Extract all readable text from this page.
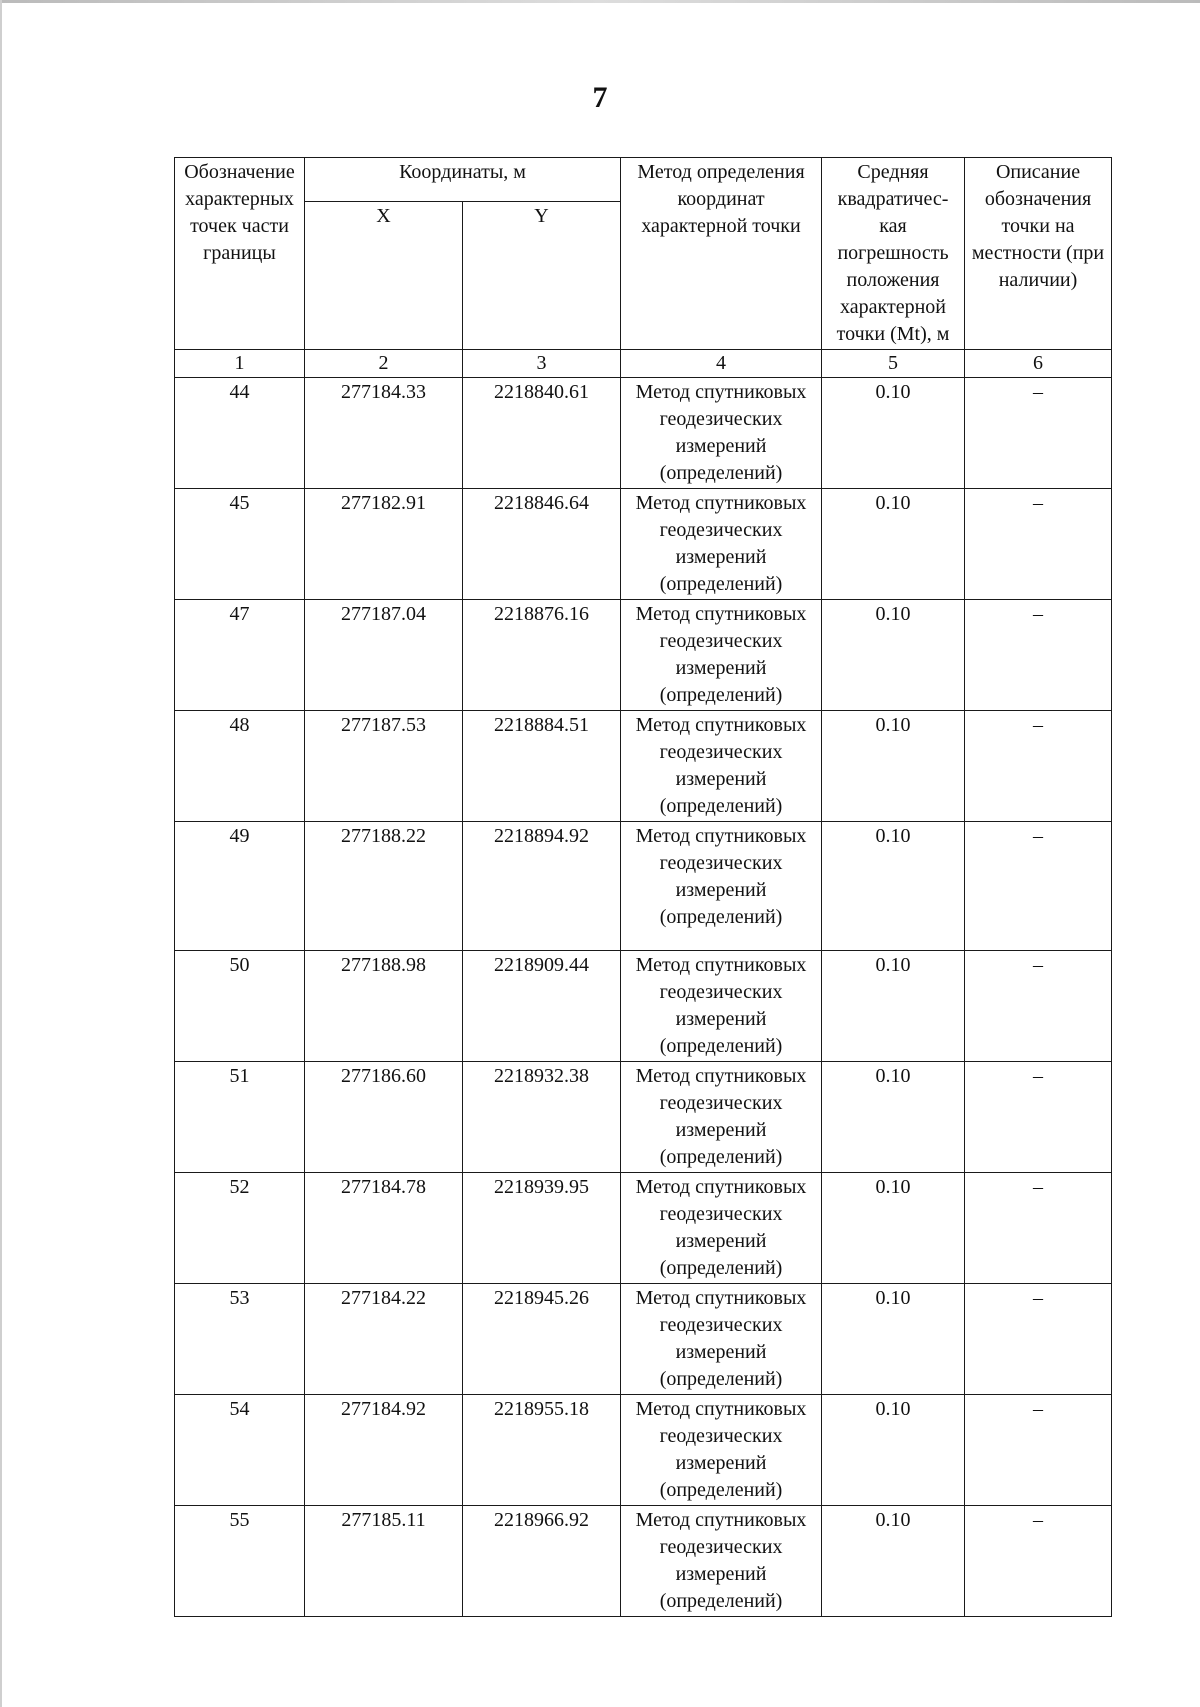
7
Обозначение характерных точек части границы	Координаты, м		Метод определения координат характерной точки	Средняя квадратичес-кая погрешность положения характерной точки (Mt), м	Описание обозначения точки на местности (при наличии)
	X	Y			
1	2	3	4	5	6
44	277184.33	2218840.61	Метод спутниковых
геодезических
измерений
(определений)	0.10	–
45	277182.91	2218846.64	Метод спутниковых
геодезических
измерений
(определений)	0.10	–
47	277187.04	2218876.16	Метод спутниковых
геодезических
измерений
(определений)	0.10	–
48	277187.53	2218884.51	Метод спутниковых
геодезических
измерений
(определений)	0.10	–
49	277188.22	2218894.92	Метод спутниковых
геодезических
измерений
(определений)	0.10	–
50	277188.98	2218909.44	Метод спутниковых
геодезических
измерений
(определений)	0.10	–
51	277186.60	2218932.38	Метод спутниковых
геодезических
измерений
(определений)	0.10	–
52	277184.78	2218939.95	Метод спутниковых
геодезических
измерений
(определений)	0.10	–
53	277184.22	2218945.26	Метод спутниковых
геодезических
измерений
(определений)	0.10	–
54	277184.92	2218955.18	Метод спутниковых
геодезических
измерений
(определений)	0.10	–
55	277185.11	2218966.92	Метод спутниковых
геодезических
измерений
(определений)	0.10	–
